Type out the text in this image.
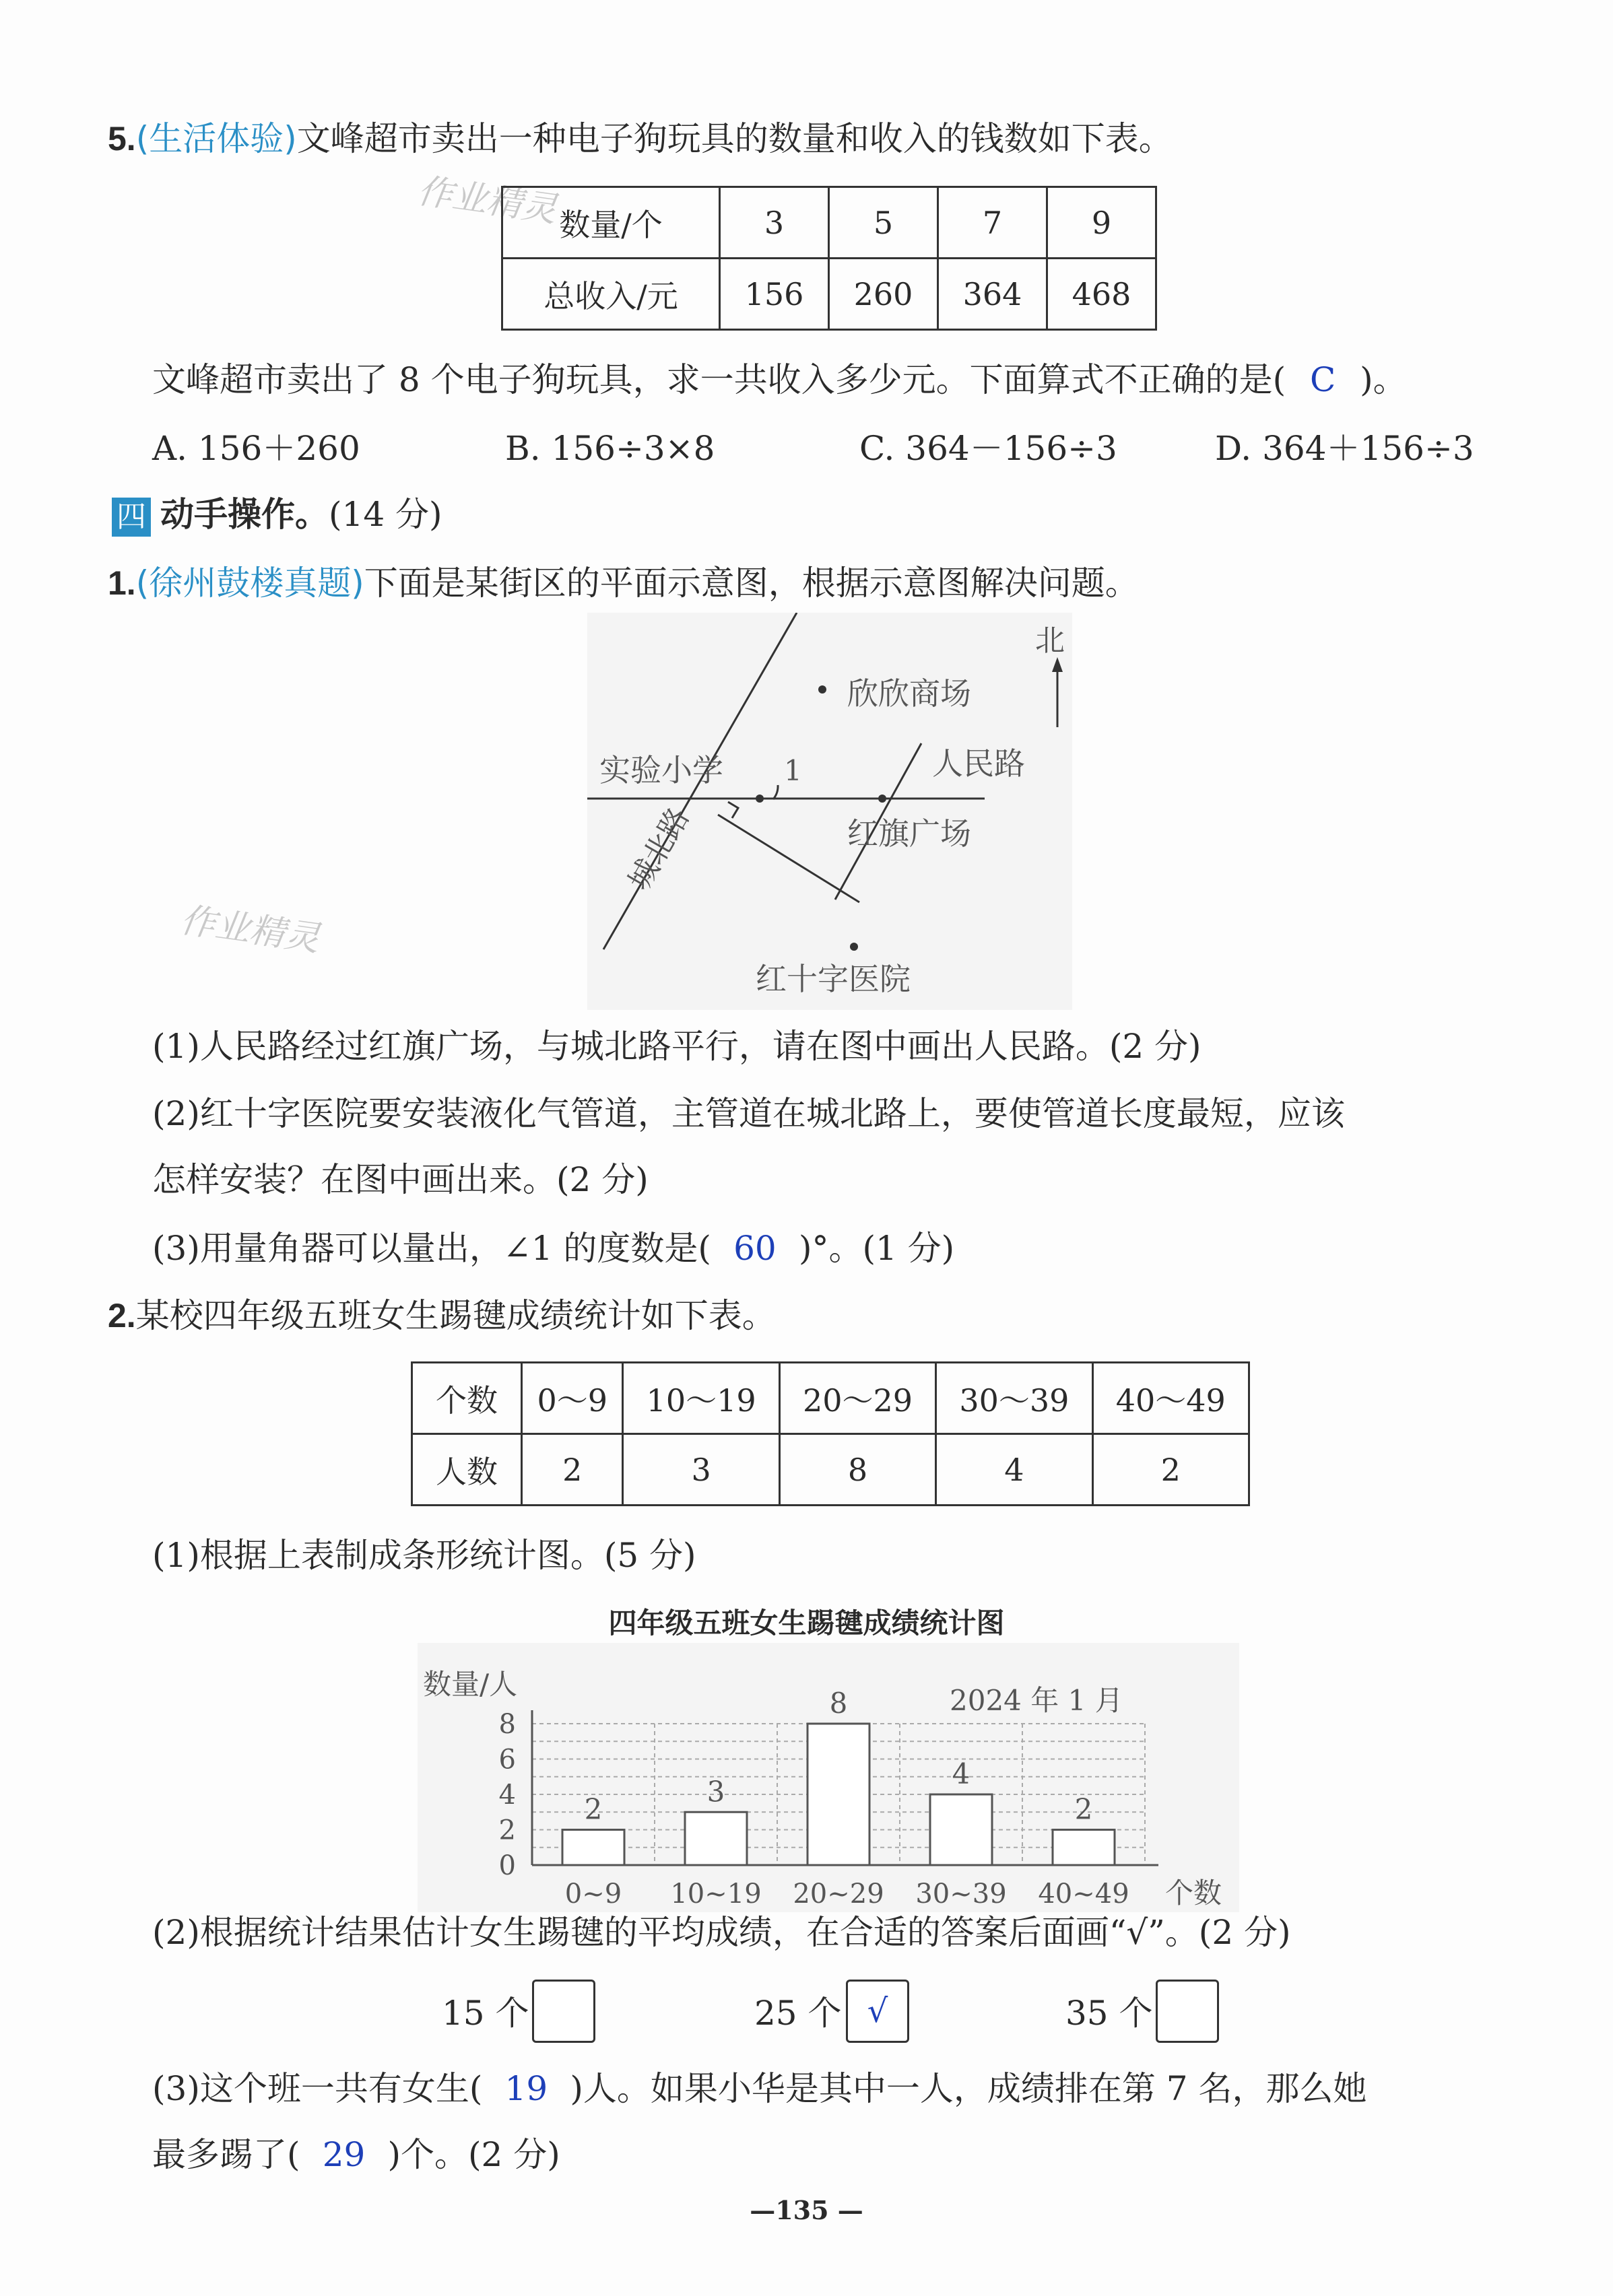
作业精灵
作业精灵
5.(生活体验)文峰超市卖出一种电子狗玩具的数量和收入的钱数如下表。
数量/个	3	5	7	9
总收入/元	156	260	364	468
文峰超市卖出了 8 个电子狗玩具，求一共收入多少元。下面算式不正确的是( C )。
A. 156＋260	B. 156÷3×8	C. 364－156÷3	D. 364＋156÷3
四 动手操作。(14 分)
1.(徐州鼓楼真题)下面是某街区的平面示意图，根据示意图解决问题。
北
欣欣商场
实验小学 1	人民路
红旗广场
城北路
红十字医院
(1)人民路经过红旗广场，与城北路平行，请在图中画出人民路。(2 分)
(2)红十字医院要安装液化气管道，主管道在城北路上，要使管道长度最短，应该
怎样安装？在图中画出来。(2 分)
(3)用量角器可以量出，∠1 的度数是( 60 )°。(1 分)
2.某校四年级五班女生踢毽成绩统计如下表。
个数	0～9	10～19	20～29	30～39	40～49
人数	2	3	8	4	2
(1)根据上表制成条形统计图。(5 分)
四年级五班女生踢毽成绩统计图
0
2
4
6
8
数量/人
个数
2024 年 1 月
2
0~9
3
10~19
8
20~29
4
30~39
2
40~49
(2)根据统计结果估计女生踢毽的平均成绩，在合适的答案后面画“√”。(2 分)
15 个	25 个 √	35 个
(3)这个班一共有女生( 19 )人。如果小华是其中一人，成绩排在第 7 名，那么她
最多踢了( 29 )个。(2 分)
—135 —
